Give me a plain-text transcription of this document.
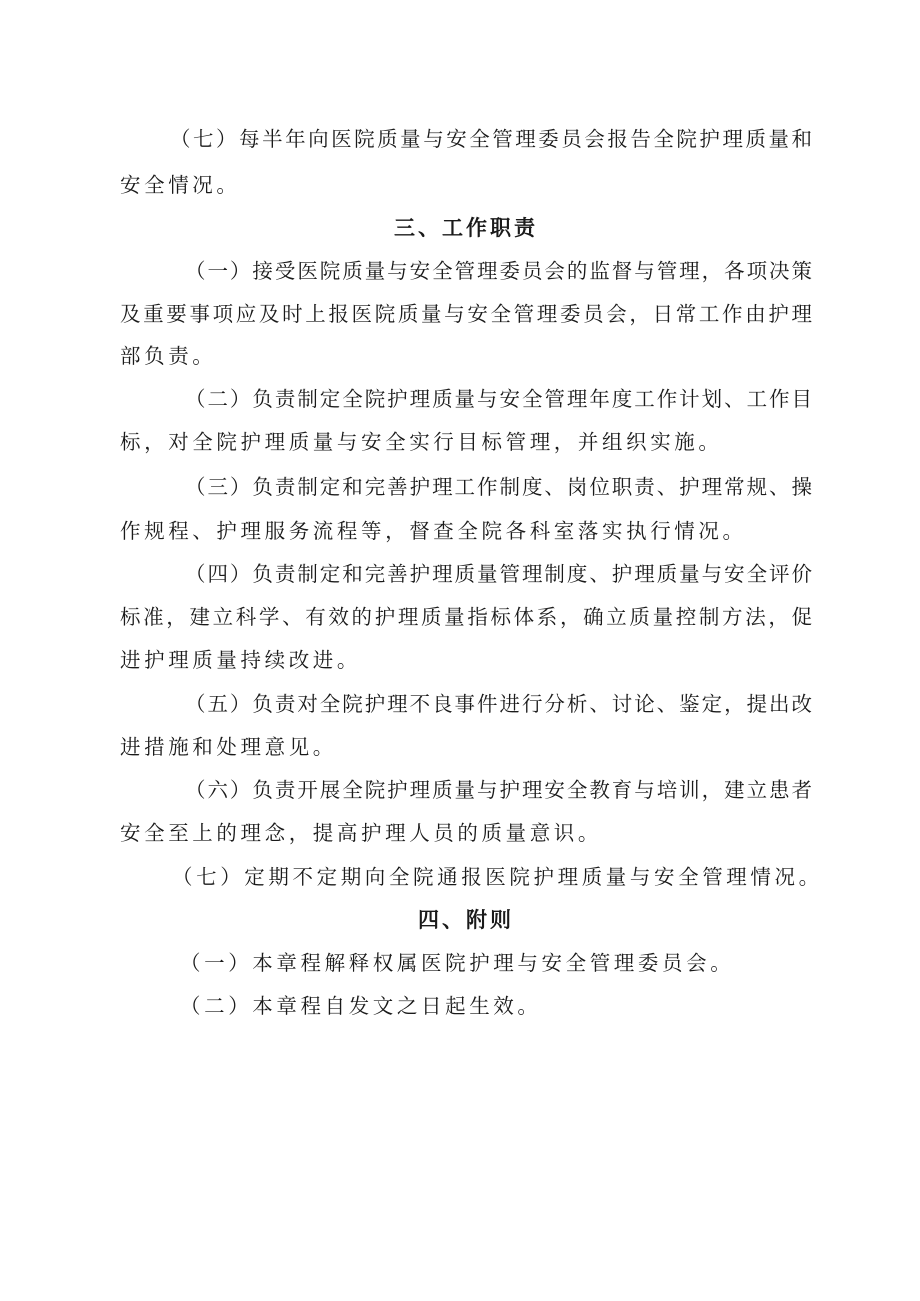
（七）每半年向医院质量与安全管理委员会报告全院护理质量和
安全情况。
三、工作职责
（一）接受医院质量与安全管理委员会的监督与管理，各项决策
及重要事项应及时上报医院质量与安全管理委员会，日常工作由护理
部负责。
（二）负责制定全院护理质量与安全管理年度工作计划、工作目
标，对全院护理质量与安全实行目标管理，并组织实施。
（三）负责制定和完善护理工作制度、岗位职责、护理常规、操
作规程、护理服务流程等，督查全院各科室落实执行情况。
（四）负责制定和完善护理质量管理制度、护理质量与安全评价
标准，建立科学、有效的护理质量指标体系，确立质量控制方法，促
进护理质量持续改进。
（五）负责对全院护理不良事件进行分析、讨论、鉴定，提出改
进措施和处理意见。
（六）负责开展全院护理质量与护理安全教育与培训，建立患者
安全至上的理念，提高护理人员的质量意识。
（七）定期不定期向全院通报医院护理质量与安全管理情况。
四、附则
（一）本章程解释权属医院护理与安全管理委员会。
（二）本章程自发文之日起生效。
